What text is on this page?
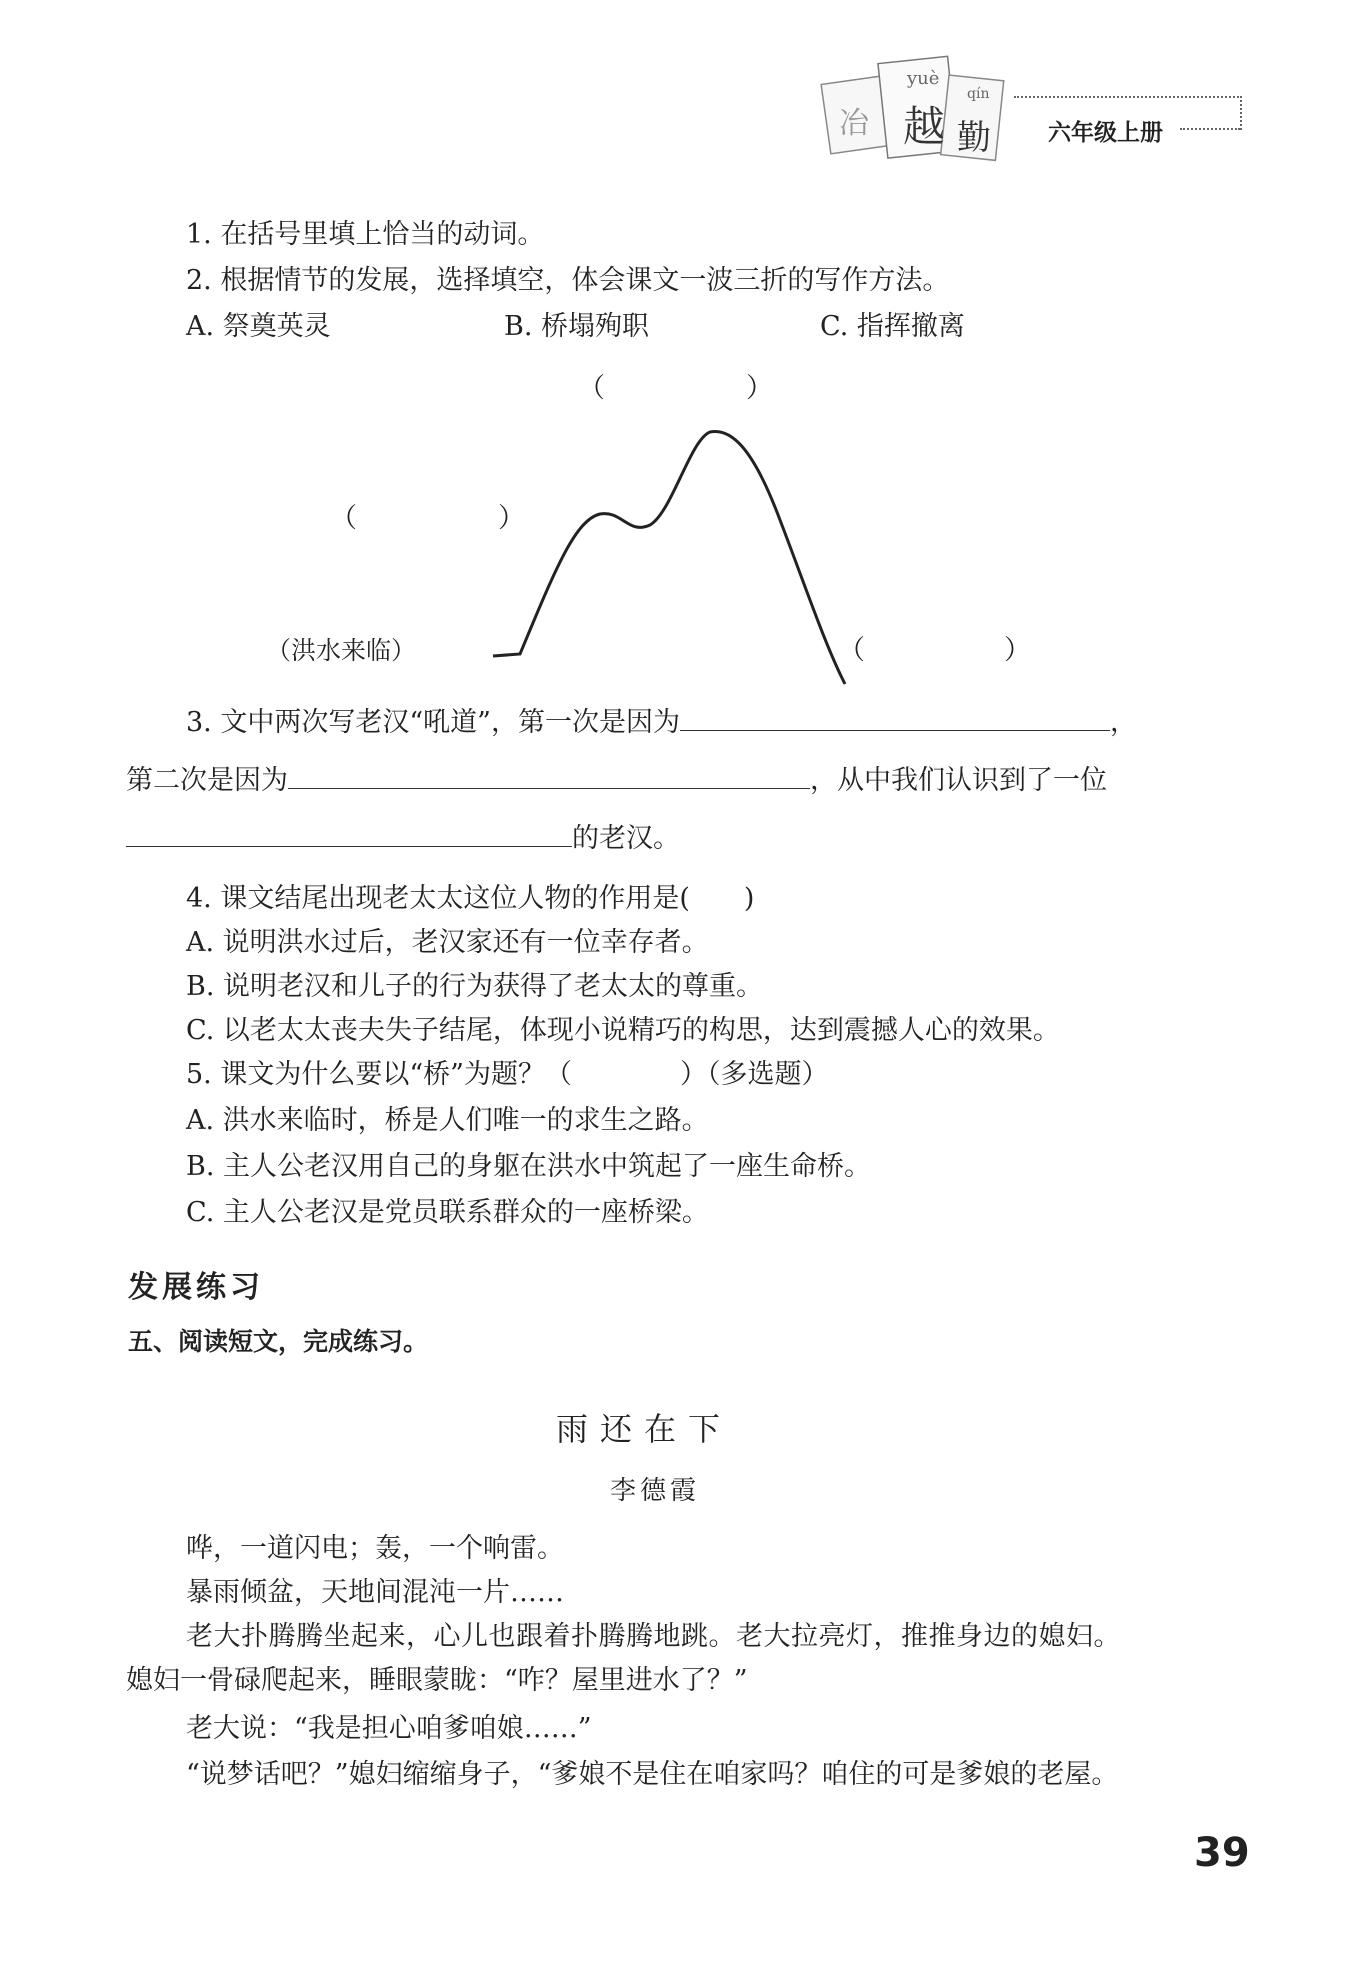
冶
yuè
越
qín
勤 六年级上册
1. 在括号里填上恰当的动词。
2. 根据情节的发展，选择填空，体会课文一波三折的写作方法。
A. 祭奠英灵	B. 桥塌殉职	C. 指挥撤离
（	）
（	）
（	）
（洪水来临）
3. 文中两次写老汉“吼道”，第一次是因为	，
第二次是因为	，从中我们认识到了一位
的老汉。
4. 课文结尾出现老太太这位人物的作用是(　　)
A. 说明洪水过后，老汉家还有一位幸存者。
B. 说明老汉和儿子的行为获得了老太太的尊重。
C. 以老太太丧夫失子结尾，体现小说精巧的构思，达到震撼人心的效果。
5. 课文为什么要以“桥”为题？（　　　　）（多选题）
A. 洪水来临时，桥是人们唯一的求生之路。
B. 主人公老汉用自己的身躯在洪水中筑起了一座生命桥。
C. 主人公老汉是党员联系群众的一座桥梁。
发展练习
五、阅读短文，完成练习。
雨还在下
李德霞
哗，一道闪电；轰，一个响雷。
暴雨倾盆，天地间混沌一片……
老大扑腾腾坐起来，心儿也跟着扑腾腾地跳。老大拉亮灯，推推身边的媳妇。
媳妇一骨碌爬起来，睡眼蒙眬：“咋？屋里进水了？”
老大说：“我是担心咱爹咱娘……”
“说梦话吧？”媳妇缩缩身子，“爹娘不是住在咱家吗？咱住的可是爹娘的老屋。
39
